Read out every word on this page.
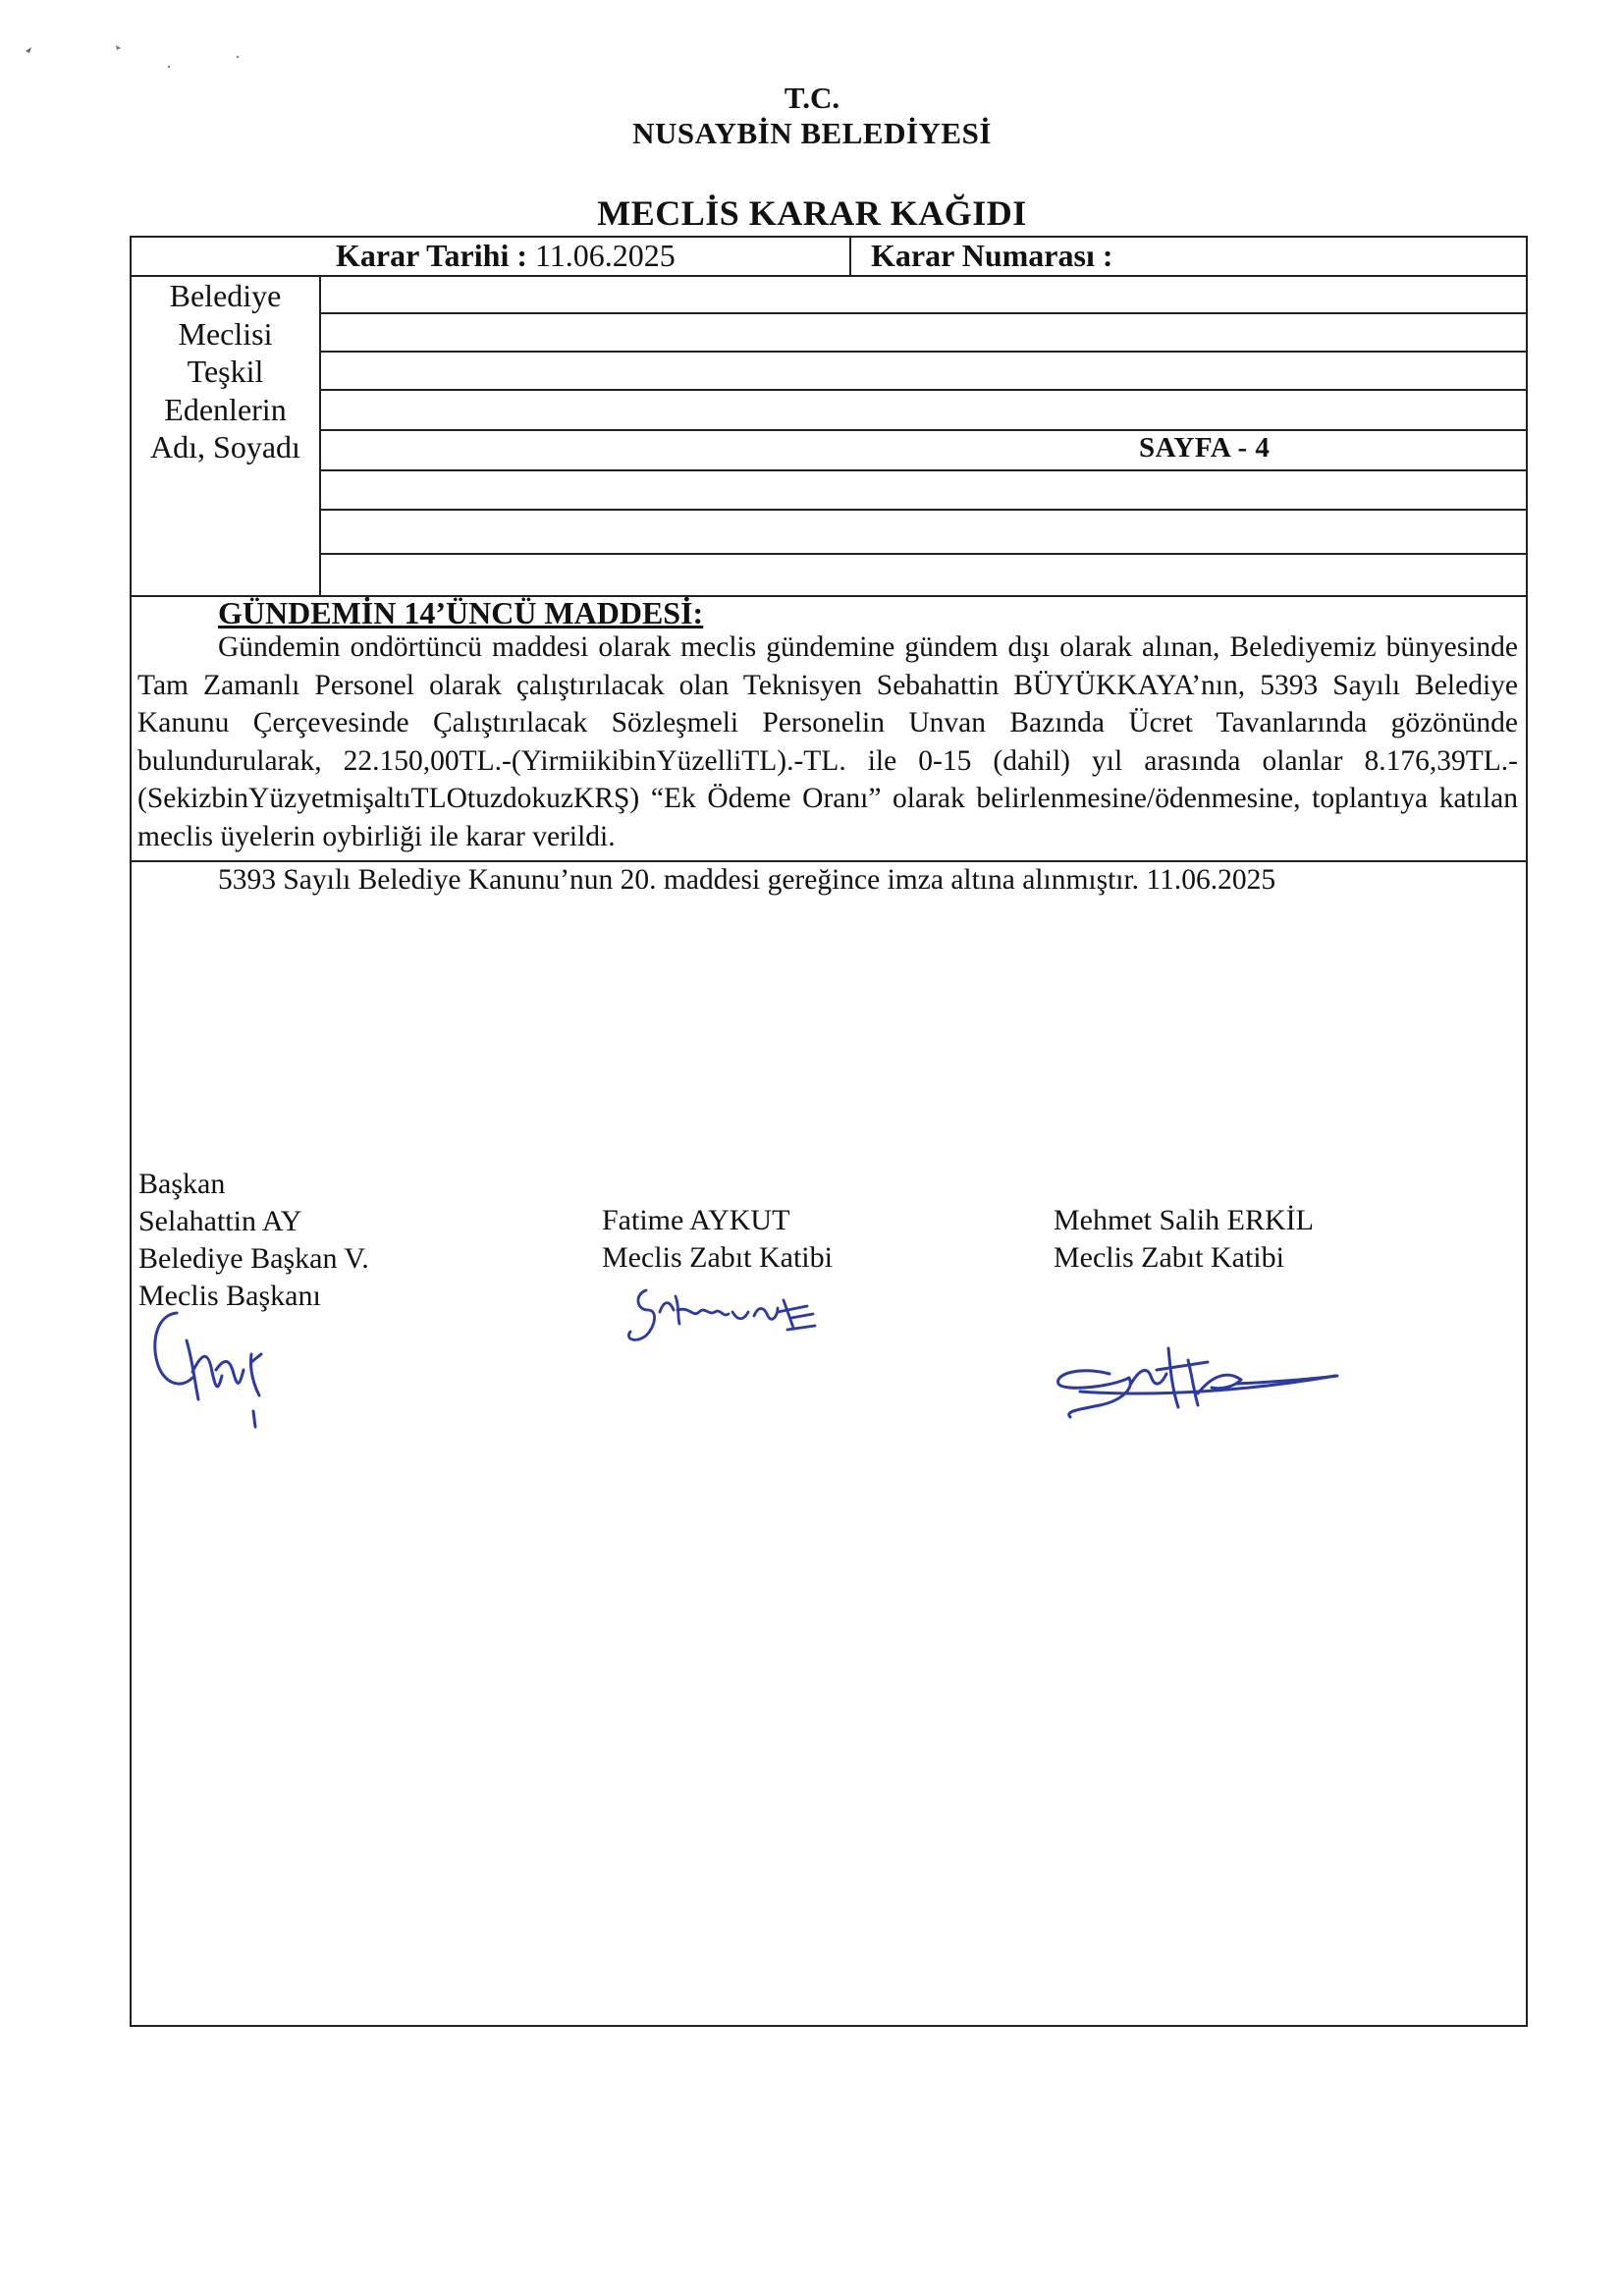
T.C.
NUSAYBİN BELEDİYESİ
MECLİS KARAR KAĞIDI
Karar Tarihi : 11.06.2025	Karar Numarası :
Belediye
Meclisi
Teşkil
Edenlerin
Adı, Soyadı	SAYFA - 4
GÜNDEMİN 14’ÜNCÜ MADDESİ:

Gündemin ondörtüncü maddesi olarak meclis gündemine gündem dışı olarak alınan, Belediyemiz bünyesinde Tam Zamanlı Personel olarak çalıştırılacak olan Teknisyen Sebahattin BÜYÜKKAYA’nın, 5393 Sayılı Belediye Kanunu Çerçevesinde Çalıştırılacak Sözleşmeli Personelin Unvan Bazında Ücret Tavanlarında gözönünde bulundurularak, 22.150,00TL.-(YirmiikibinYüzelliTL).-TL. ile 0-15 (dahil) yıl arasında olanlar 8.176,39TL.-(SekizbinYüzyetmişaltıTLOtuzdokuzKRŞ) “Ek Ödeme Oranı” olarak belirlenmesine/ödenmesine, toplantıya katılan meclis üyelerin oybirliği ile karar verildi.

5393 Sayılı Belediye Kanunu’nun 20. maddesi gereğince imza altına alınmıştır. 11.06.2025
Başkan
Selahattin AY
Belediye Başkan V.
Meclis Başkanı
Fatime AYKUT
Meclis Zabıt Katibi
Mehmet Salih ERKİL
Meclis Zabıt Katibi
